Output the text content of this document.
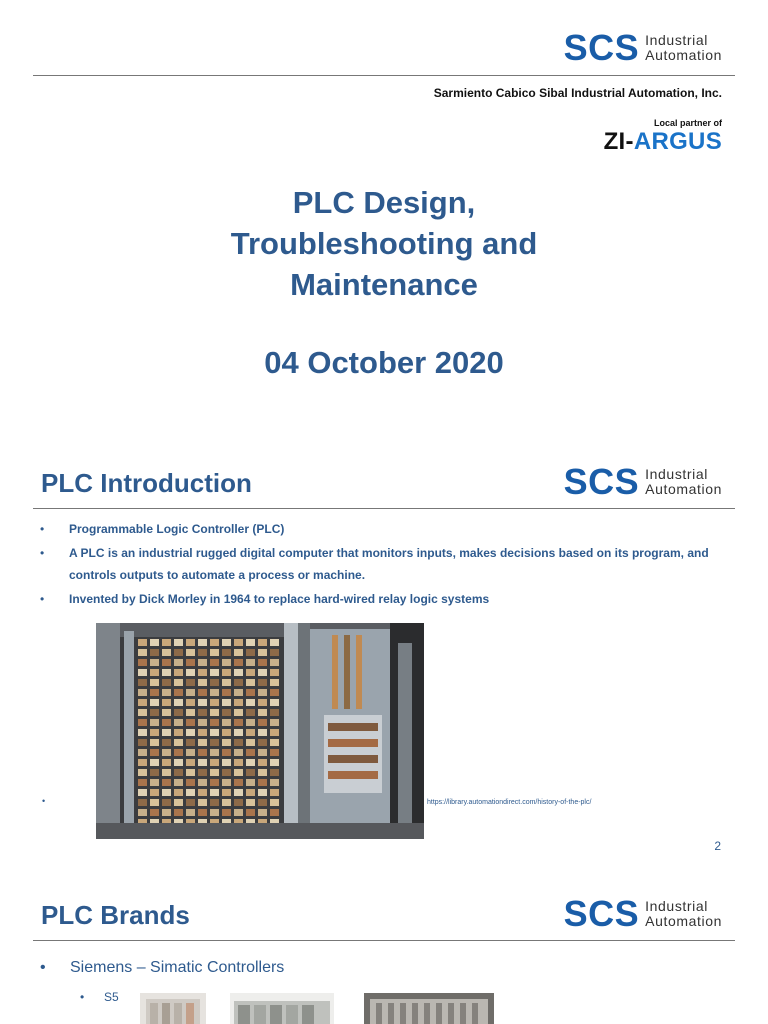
SCS Industrial
Automation
Sarmiento Cabico Sibal Industrial Automation, Inc.
Local partner of
ZI-ARGUS
PLC Design,
Troubleshooting and
Maintenance
04 October 2020
PLC Introduction	SCS Industrial
Automation
• Programmable Logic Controller (PLC)
• A PLC is an industrial rugged digital computer that monitors inputs, makes decisions based on its program, and controls outputs to automate a process or machine.
• Invented by Dick Morley in 1964 to replace hard-wired relay logic systems
•	https://library.automationdirect.com/history-of-the-plc/
2
PLC Brands	SCS Industrial
Automation
• Siemens – Simatic Controllers
• S5
